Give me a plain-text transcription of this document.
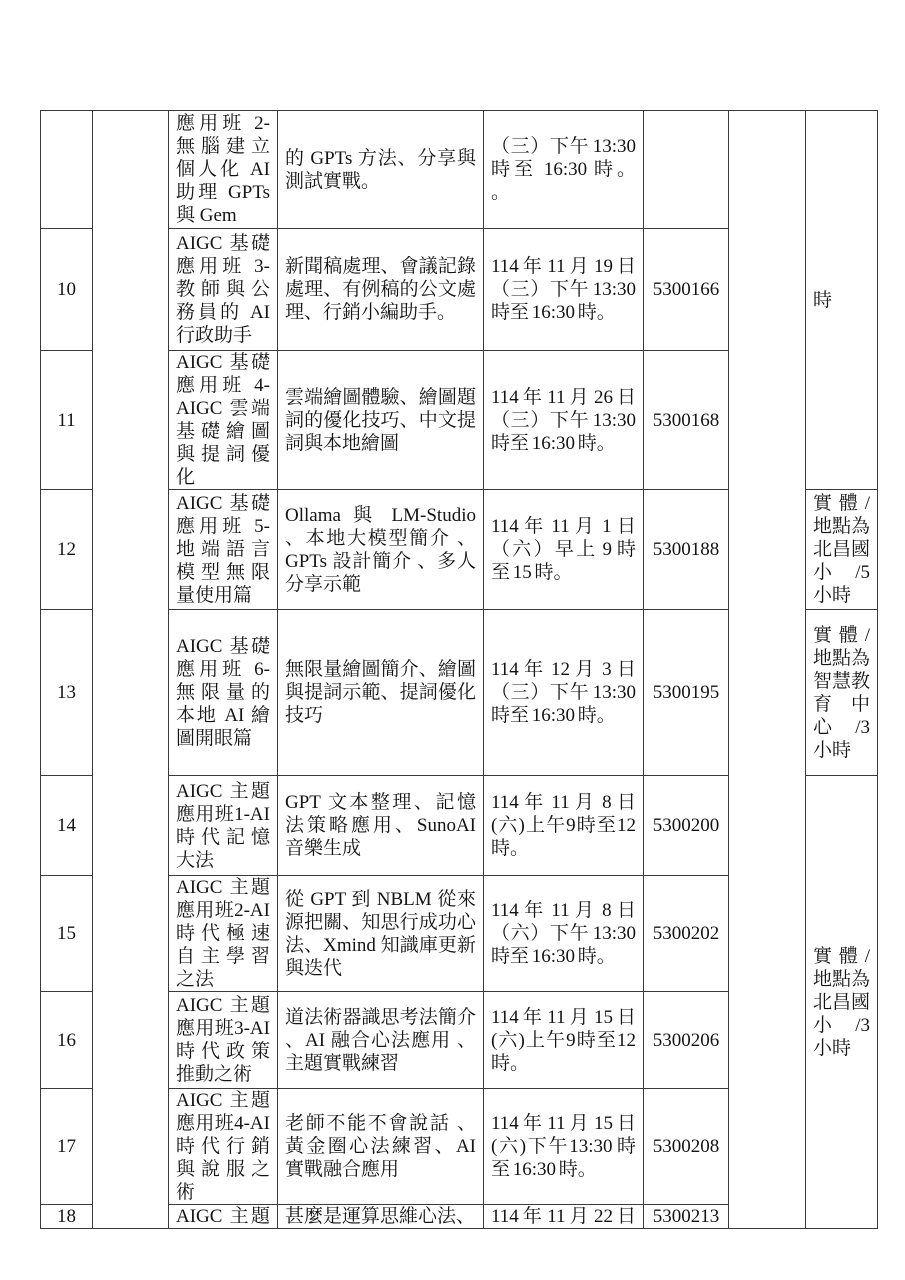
		應用班 2-無腦建立個人化 AI 助理 GPTs 與 Gem	的 GPTs 方法、分享與測試實戰。	（三）下午 13:30 時至 16:30 時。 。			時
10		AIGC 基礎應用班 3-教師與公務員的 AI 行政助手	新聞稿處理、會議記錄處理、有例稿的公文處理、行銷小編助手。	114 年 11 月 19 日（三）下午 13:30 時至 16:30 時。	5300166		
11		AIGC 基礎應用班 4-AIGC 雲端基礎繪圖與提詞優化	雲端繪圖體驗、繪圖題詞的優化技巧、中文提詞與本地繪圖	114 年 11 月 26 日（三）下午 13:30 時至 16:30 時。	5300168		
12		AIGC 基礎應用班 5-地端語言模型無限量使用篇	Ollama 與 LM-Studio 、本地大模型簡介 、GPTs 設計簡介 、多人分享示範	114 年 11 月 1 日（六）早上 9 時至 15 時。	5300188		實體/地點為北昌國小/5 小時
13		AIGC 基礎應用班 6-無限量的本地 AI 繪圖開眼篇	無限量繪圖簡介、繪圖與提詞示範、提詞優化技巧	114 年 12 月 3 日（三）下午 13:30 時至 16:30 時。	5300195		實體/地點為智慧教育中心/3 小時
14		AIGC 主題應用班1-AI 時代記憶大法	GPT 文本整理、記憶法策略應用、SunoAI 音樂生成	114 年 11 月 8 日(六)上午9時至12時。	5300200		實體/地點為北昌國小/3 小時
15		AIGC 主題應用班2-AI 時代極速自主學習之法	從 GPT 到 NBLM 從來源把關、知思行成功心法、Xmind 知識庫更新與迭代	114 年 11 月 8 日（六）下午 13:30 時至 16:30 時。	5300202		
16		AIGC 主題應用班3-AI 時代政策推動之術	道法術器識思考法簡介 、AI 融合心法應用 、主題實戰練習	114 年 11 月 15 日(六)上午9時至12時。	5300206		
17		AIGC 主題應用班4-AI 時代行銷與說服之術	老師不能不會說話 、黃金圈心法練習、AI 實戰融合應用	114 年 11 月 15 日(六)下午13:30 時至 16:30 時。	5300208		
18		AIGC 主題	甚麼是運算思維心法、	114 年 11 月 22 日	5300213		
